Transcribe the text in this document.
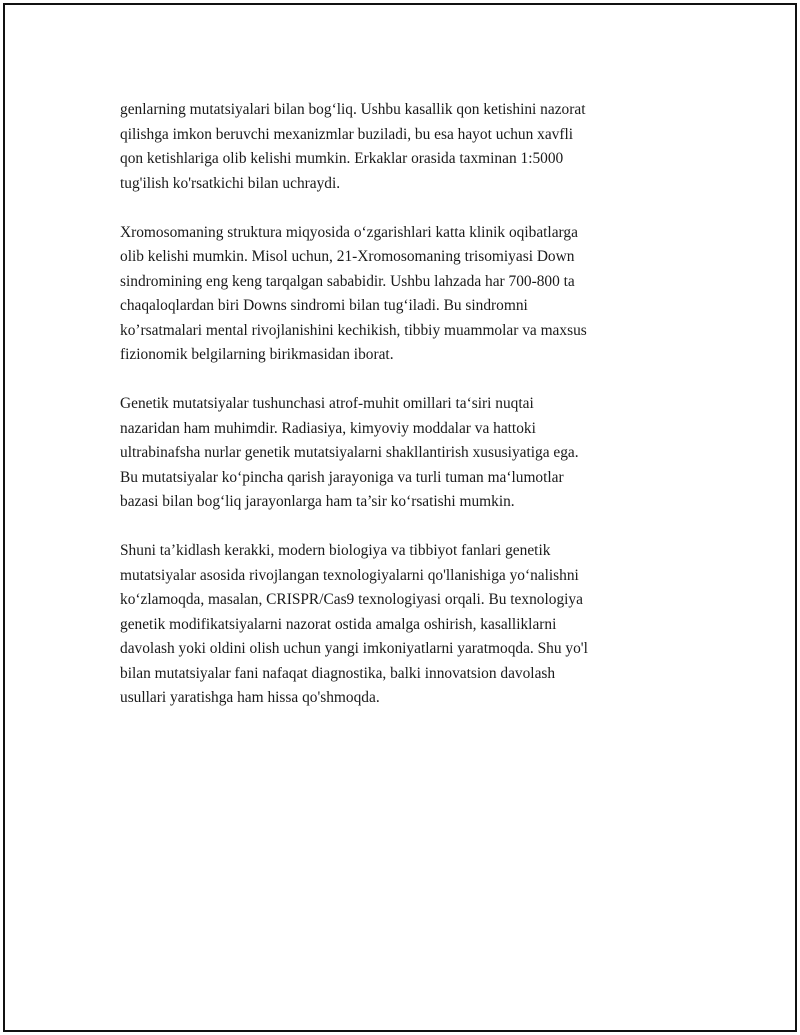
genlarning mutatsiyalari bilan bog‘liq. Ushbu kasallik qon ketishini nazorat
qilishga imkon beruvchi mexanizmlar buziladi, bu esa hayot uchun xavfli
qon ketishlariga olib kelishi mumkin. Erkaklar orasida taxminan 1:5000
tug'ilish ko'rsatkichi bilan uchraydi.

Xromosomaning struktura miqyosida o‘zgarishlari katta klinik oqibatlarga
olib kelishi mumkin. Misol uchun, 21-Xromosomaning trisomiyasi Down
sindromining eng keng tarqalgan sababidir. Ushbu lahzada har 700-800 ta
chaqaloqlardan biri Downs sindromi bilan tug‘iladi. Bu sindromni
ko’rsatmalari mental rivojlanishini kechikish, tibbiy muammolar va maxsus
fizionomik belgilarning birikmasidan iborat.

Genetik mutatsiyalar tushunchasi atrof-muhit omillari ta‘siri nuqtai
nazaridan ham muhimdir. Radiasiya, kimyoviy moddalar va hattoki
ultrabinafsha nurlar genetik mutatsiyalarni shakllantirish xususiyatiga ega.
Bu mutatsiyalar ko‘pincha qarish jarayoniga va turli tuman ma‘lumotlar
bazasi bilan bog‘liq jarayonlarga ham ta’sir ko‘rsatishi mumkin.

Shuni ta’kidlash kerakki, modern biologiya va tibbiyot fanlari genetik
mutatsiyalar asosida rivojlangan texnologiyalarni qo'llanishiga yo‘nalishni
ko‘zlamoqda, masalan, CRISPR/Cas9 texnologiyasi orqali. Bu texnologiya
genetik modifikatsiyalarni nazorat ostida amalga oshirish, kasalliklarni
davolash yoki oldini olish uchun yangi imkoniyatlarni yaratmoqda. Shu yo'l
bilan mutatsiyalar fani nafaqat diagnostika, balki innovatsion davolash
usullari yaratishga ham hissa qo'shmoqda.
